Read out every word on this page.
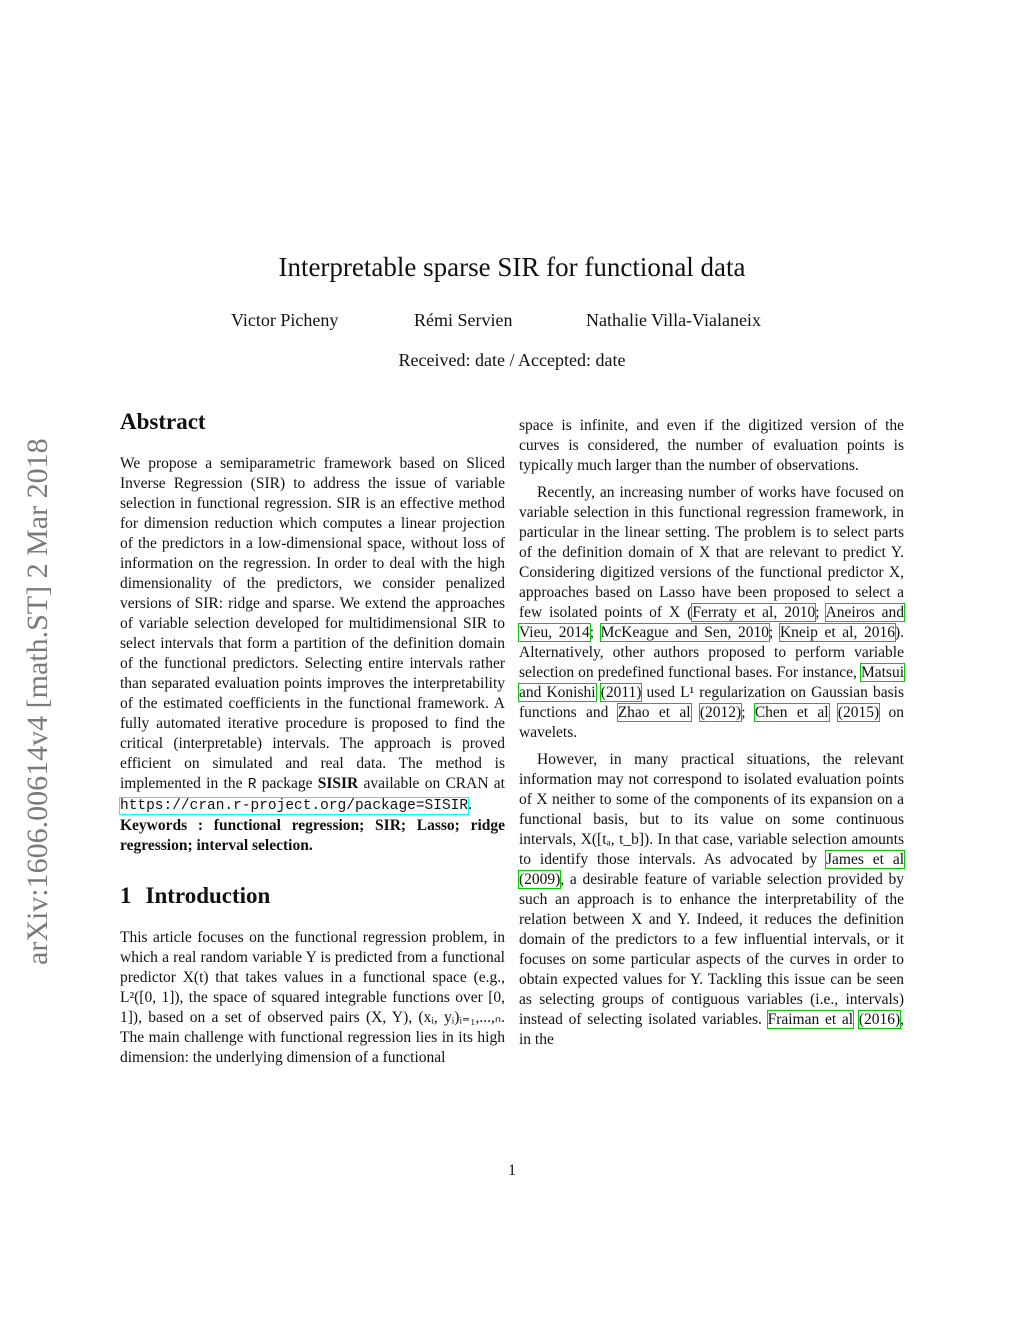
arXiv:1606.00614v4 [math.ST] 2 Mar 2018
Interpretable sparse SIR for functional data
Victor Picheny	Rémi Servien	Nathalie Villa-Vialaneix
Received: date / Accepted: date
Abstract

We propose a semiparametric framework based on Sliced Inverse Regression (SIR) to address the issue of variable selection in functional regression. SIR is an effective method for dimension reduction which computes a linear projection of the predictors in a low-dimensional space, without loss of information on the regression. In order to deal with the high dimensionality of the predictors, we consider penalized versions of SIR: ridge and sparse. We extend the approaches of variable selection developed for multidimensional SIR to select intervals that form a partition of the definition domain of the functional predictors. Selecting entire intervals rather than separated evaluation points improves the interpretability of the estimated coefficients in the functional framework. A fully automated iterative procedure is proposed to find the critical (interpretable) intervals. The approach is proved efficient on simulated and real data. The method is implemented in the R package SISIR available on CRAN at https://cran.r-project.org/package=SISIR. Keywords : functional regression; SIR; Lasso; ridge regression; interval selection.

1 Introduction

This article focuses on the functional regression problem, in which a real random variable Y is predicted from a functional predictor X(t) that takes values in a functional space (e.g., L²([0, 1]), the space of squared integrable functions over [0, 1]), based on a set of observed pairs (X, Y), (xᵢ, yᵢ)ᵢ₌₁,...,ₙ. The main challenge with functional regression lies in its high dimension: the underlying dimension of a functional

space is infinite, and even if the digitized version of the curves is considered, the number of evaluation points is typically much larger than the number of observations.

Recently, an increasing number of works have focused on variable selection in this functional regression framework, in particular in the linear setting. The problem is to select parts of the definition domain of X that are relevant to predict Y. Considering digitized versions of the functional predictor X, approaches based on Lasso have been proposed to select a few isolated points of X (Ferraty et al, 2010; Aneiros and Vieu, 2014; McKeague and Sen, 2010; Kneip et al, 2016). Alternatively, other authors proposed to perform variable selection on predefined functional bases. For instance, Matsui and Konishi (2011) used L¹ regularization on Gaussian basis functions and Zhao et al (2012); Chen et al (2015) on wavelets.

However, in many practical situations, the relevant information may not correspond to isolated evaluation points of X neither to some of the components of its expansion on a functional basis, but to its value on some continuous intervals, X([tₐ, t_b]). In that case, variable selection amounts to identify those intervals. As advocated by James et al (2009), a desirable feature of variable selection provided by such an approach is to enhance the interpretability of the relation between X and Y. Indeed, it reduces the definition domain of the predictors to a few influential intervals, or it focuses on some particular aspects of the curves in order to obtain expected values for Y. Tackling this issue can be seen as selecting groups of contiguous variables (i.e., intervals) instead of selecting isolated variables. Fraiman et al (2016), in the

1
